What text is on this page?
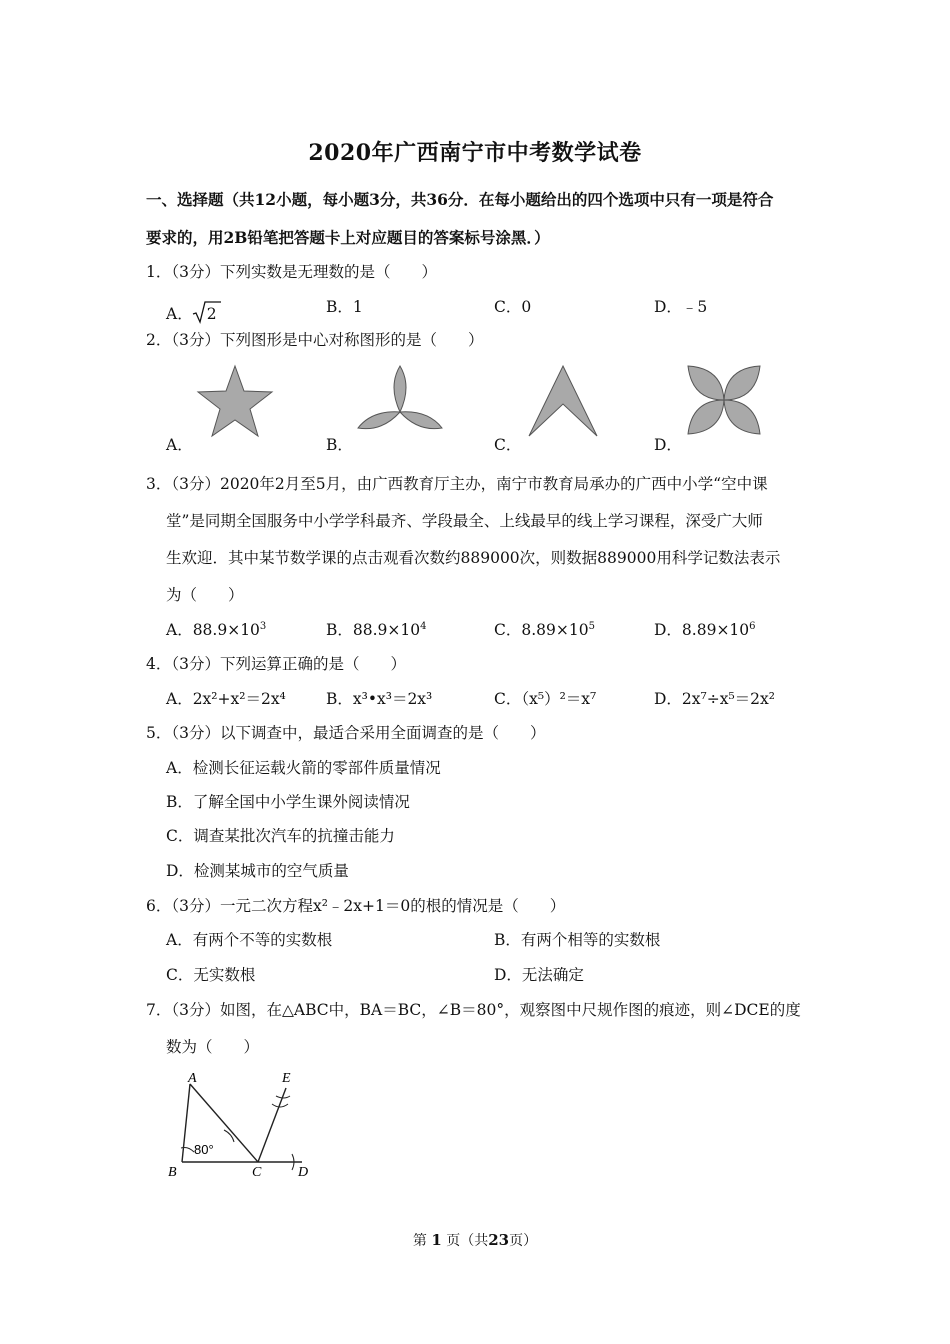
2020年广西南宁市中考数学试卷
一、选择题（共12小题，每小题3分，共36分．在每小题给出的四个选项中只有一项是符合
要求的，用2B铅笔把答题卡上对应题目的答案标号涂黑．）
1．（3分）下列实数是无理数的是（　　）
A． 2	B．1	C．0	D．﹣5
2．（3分）下列图形是中心对称图形的是（　　）
A．	B．	C．	D．
3．（3分）2020年2月至5月，由广西教育厅主办，南宁市教育局承办的广西中小学“空中课
堂”是同期全国服务中小学学科最齐、学段最全、上线最早的线上学习课程，深受广大师
生欢迎．其中某节数学课的点击观看次数约889000次，则数据889000用科学记数法表示
为（　　）
A．$88.9\times 10^3$	B．$88.9\times 10^4$	C．$8.89\times 10^5$	D．$8.89\times 10^6$
4．（3分）下列运算正确的是（　　）
A．2x²+x²＝2x⁴	B．x³•x³＝2x³	C．（x⁵）²＝x⁷	D．2x⁷÷x⁵＝2x²
5．（3分）以下调查中，最适合采用全面调查的是（　　）
A．检测长征运载火箭的零部件质量情况
B．了解全国中小学生课外阅读情况
C．调查某批次汽车的抗撞击能力
D．检测某城市的空气质量
6．（3分）一元二次方程x²﹣2x+1＝0的根的情况是（　　）
A．有两个不等的实数根	B．有两个相等的实数根
C．无实数根	D．无法确定
7．（3分）如图，在△ABC中，BA＝BC，∠B＝80°，观察图中尺规作图的痕迹，则∠DCE的度
数为（　　）
A
B	C	D
E
80°
第 1 页（共23页）
